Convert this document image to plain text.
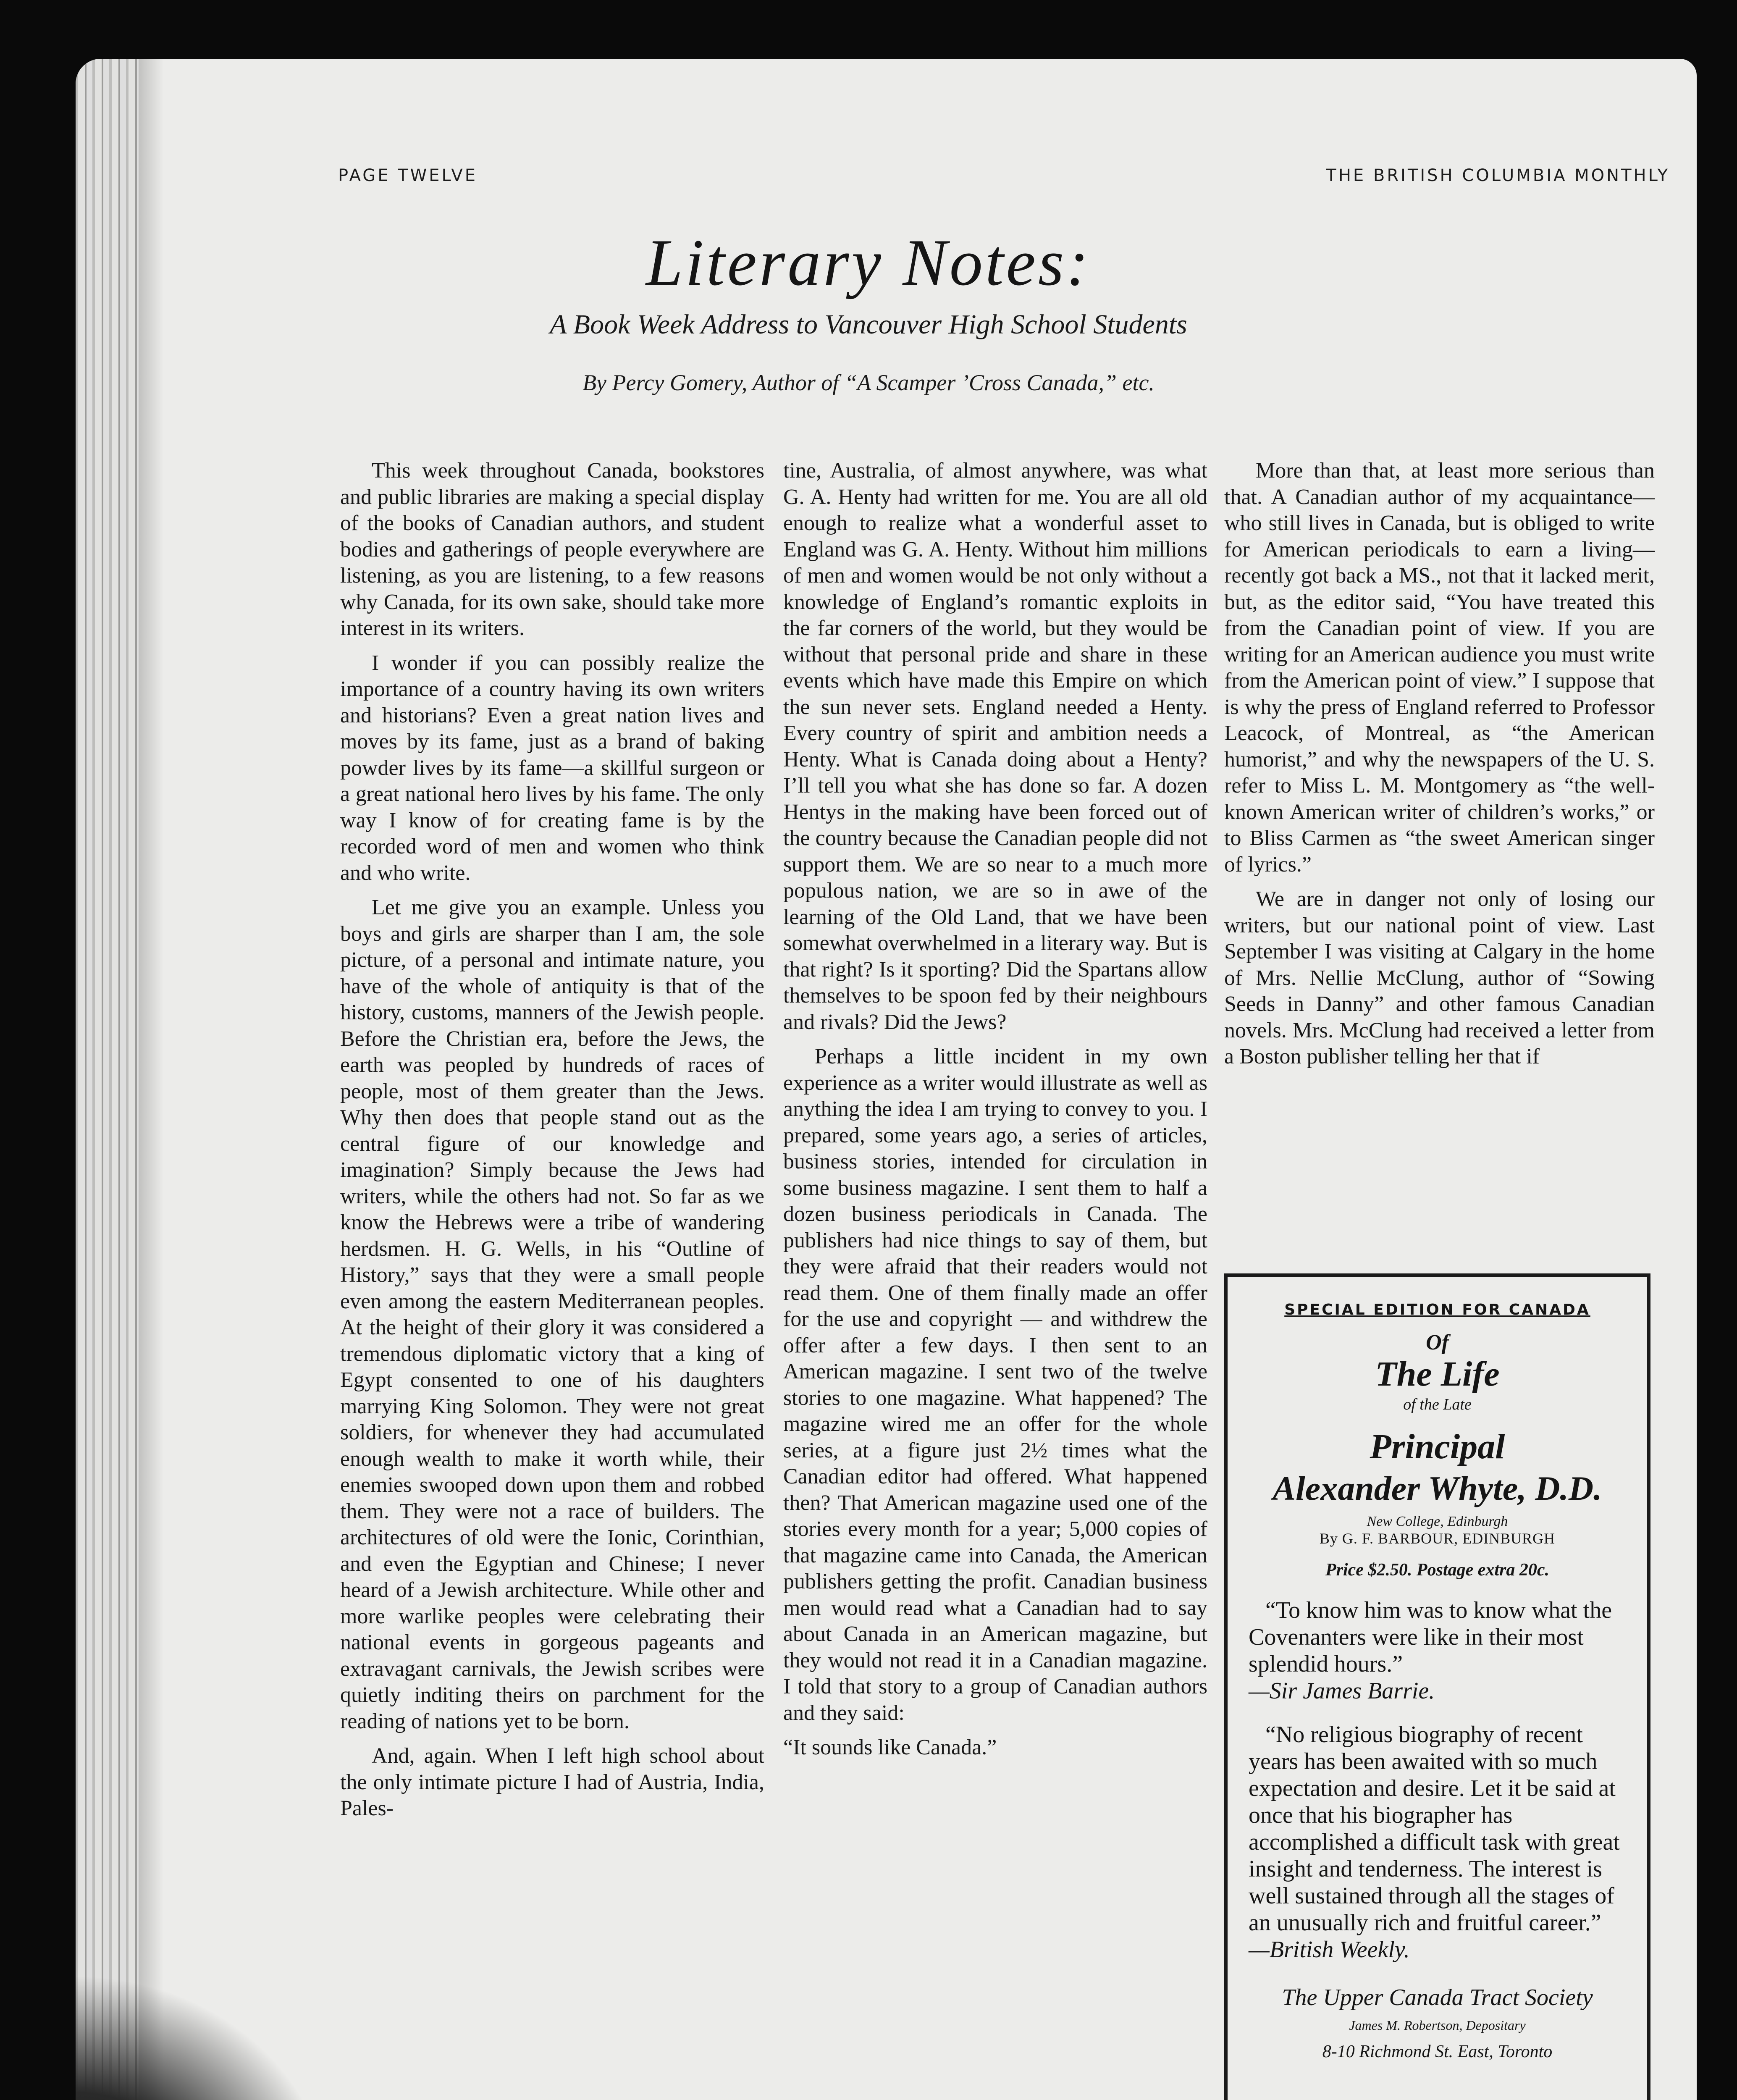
PAGE TWELVE	THE BRITISH COLUMBIA MONTHLY
Literary Notes:
A Book Week Address to Vancouver High School Students
By Percy Gomery, Author of “A Scamper ’Cross Canada,” etc.

This week throughout Canada, bookstores and public libraries are making a special display of the books of Canadian authors, and student bodies and gatherings of people everywhere are listening, as you are listening, to a few reasons why Canada, for its own sake, should take more interest in its writers.

I wonder if you can possibly realize the importance of a country having its own writers and historians? Even a great nation lives and moves by its fame, just as a brand of baking powder lives by its fame—a skillful surgeon or a great national hero lives by his fame. The only way I know of for creating fame is by the recorded word of men and women who think and who write.

Let me give you an example. Unless you boys and girls are sharper than I am, the sole picture, of a personal and intimate nature, you have of the whole of antiquity is that of the history, customs, manners of the Jewish people. Before the Christian era, before the Jews, the earth was peopled by hundreds of races of people, most of them greater than the Jews. Why then does that people stand out as the central figure of our knowledge and imagination? Simply because the Jews had writers, while the others had not. So far as we know the Hebrews were a tribe of wandering herdsmen. H. G. Wells, in his “Outline of History,” says that they were a small people even among the eastern Mediterranean peoples. At the height of their glory it was considered a tremendous diplomatic victory that a king of Egypt consented to one of his daughters marrying King Solomon. They were not great soldiers, for whenever they had accumulated enough wealth to make it worth while, their enemies swooped down upon them and robbed them. They were not a race of builders. The architectures of old were the Ionic, Corinthian, and even the Egyptian and Chinese; I never heard of a Jewish architecture. While other and more warlike peoples were celebrating their national events in gorgeous pageants and extravagant carnivals, the Jewish scribes were quietly inditing theirs on parchment for the reading of nations yet to be born.

And, again. When I left high school about the only intimate picture I had of Austria, India, Pales-

tine, Australia, of almost anywhere, was what G. A. Henty had written for me. You are all old enough to realize what a wonderful asset to England was G. A. Henty. Without him millions of men and women would be not only without a knowledge of England’s romantic exploits in the far corners of the world, but they would be without that personal pride and share in these events which have made this Empire on which the sun never sets. England needed a Henty. Every country of spirit and ambition needs a Henty. What is Canada doing about a Henty? I’ll tell you what she has done so far. A dozen Hentys in the making have been forced out of the country because the Canadian people did not support them. We are so near to a much more populous nation, we are so in awe of the learning of the Old Land, that we have been somewhat overwhelmed in a literary way. But is that right? Is it sporting? Did the Spartans allow themselves to be spoon fed by their neighbours and rivals? Did the Jews?

Perhaps a little incident in my own experience as a writer would illustrate as well as anything the idea I am trying to convey to you. I prepared, some years ago, a series of articles, business stories, intended for circulation in some business magazine. I sent them to half a dozen business periodicals in Canada. The publishers had nice things to say of them, but they were afraid that their readers would not read them. One of them finally made an offer for the use and copyright — and withdrew the offer after a few days. I then sent to an American magazine. I sent two of the twelve stories to one magazine. What happened? The magazine wired me an offer for the whole series, at a figure just 2½ times what the Canadian editor had offered. What happened then? That American magazine used one of the stories every month for a year; 5,000 copies of that magazine came into Canada, the American publishers getting the profit. Canadian business men would read what a Canadian had to say about Canada in an American magazine, but they would not read it in a Canadian magazine. I told that story to a group of Canadian authors and they said:

“It sounds like Canada.”

More than that, at least more serious than that. A Canadian author of my acquaintance—who still lives in Canada, but is obliged to write for American periodicals to earn a living—recently got back a MS., not that it lacked merit, but, as the editor said, “You have treated this from the Canadian point of view. If you are writing for an American audience you must write from the American point of view.” I suppose that is why the press of England referred to Professor Leacock, of Montreal, as “the American humorist,” and why the newspapers of the U. S. refer to Miss L. M. Montgomery as “the well-known American writer of children’s works,” or to Bliss Carmen as “the sweet American singer of lyrics.”

We are in danger not only of losing our writers, but our national point of view. Last September I was visiting at Calgary in the home of Mrs. Nellie McClung, author of “Sowing Seeds in Danny” and other famous Canadian novels. Mrs. McClung had received a letter from a Boston publisher telling her that if

SPECIAL EDITION FOR CANADA
Of
The Life
of the Late
Principal
Alexander Whyte, D.D.
New College, Edinburgh
By G. F. BARBOUR, EDINBURGH
Price $2.50. Postage extra 20c.

“To know him was to know what the Covenanters were like in their most splendid hours.”

—Sir James Barrie.

“No religious biography of recent years has been awaited with so much expectation and desire. Let it be said at once that his biographer has accomplished a difficult task with great insight and tenderness. The interest is well sustained through all the stages of an unusually rich and fruitful career.”

—British Weekly.

The Upper Canada Tract Society
James M. Robertson, Depositary
8-10 Richmond St. East, Toronto
